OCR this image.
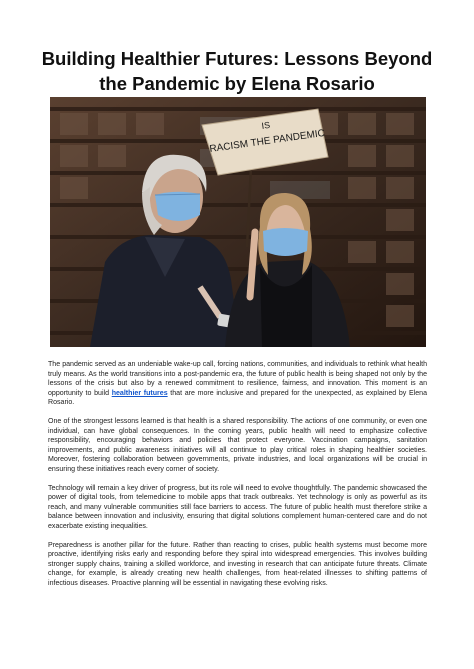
Building Healthier Futures: Lessons Beyond
the Pandemic by Elena Rosario
IS
RACISM THE PANDEMIC

The pandemic served as an undeniable wake-up call, forcing nations, communities, and individuals to rethink what health truly means. As the world transitions into a post-pandemic era, the future of public health is being shaped not only by the lessons of the crisis but also by a renewed commitment to resilience, fairness, and innovation. This moment is an opportunity to build healthier futures that are more inclusive and prepared for the unexpected, as explained by Elena Rosario.

One of the strongest lessons learned is that health is a shared responsibility. The actions of one community, or even one individual, can have global consequences. In the coming years, public health will need to emphasize collective responsibility, encouraging behaviors and policies that protect everyone. Vaccination campaigns, sanitation improvements, and public awareness initiatives will all continue to play critical roles in shaping healthier societies. Moreover, fostering collaboration between governments, private industries, and local organizations will be crucial in ensuring these initiatives reach every corner of society.

Technology will remain a key driver of progress, but its role will need to evolve thoughtfully. The pandemic showcased the power of digital tools, from telemedicine to mobile apps that track outbreaks. Yet technology is only as powerful as its reach, and many vulnerable communities still face barriers to access. The future of public health must therefore strike a balance between innovation and inclusivity, ensuring that digital solutions complement human-centered care and do not exacerbate existing inequalities.

Preparedness is another pillar for the future. Rather than reacting to crises, public health systems must become more proactive, identifying risks early and responding before they spiral into widespread emergencies. This involves building stronger supply chains, training a skilled workforce, and investing in research that can anticipate future threats. Climate change, for example, is already creating new health challenges, from heat-related illnesses to shifting patterns of infectious diseases. Proactive planning will be essential in navigating these evolving risks.
